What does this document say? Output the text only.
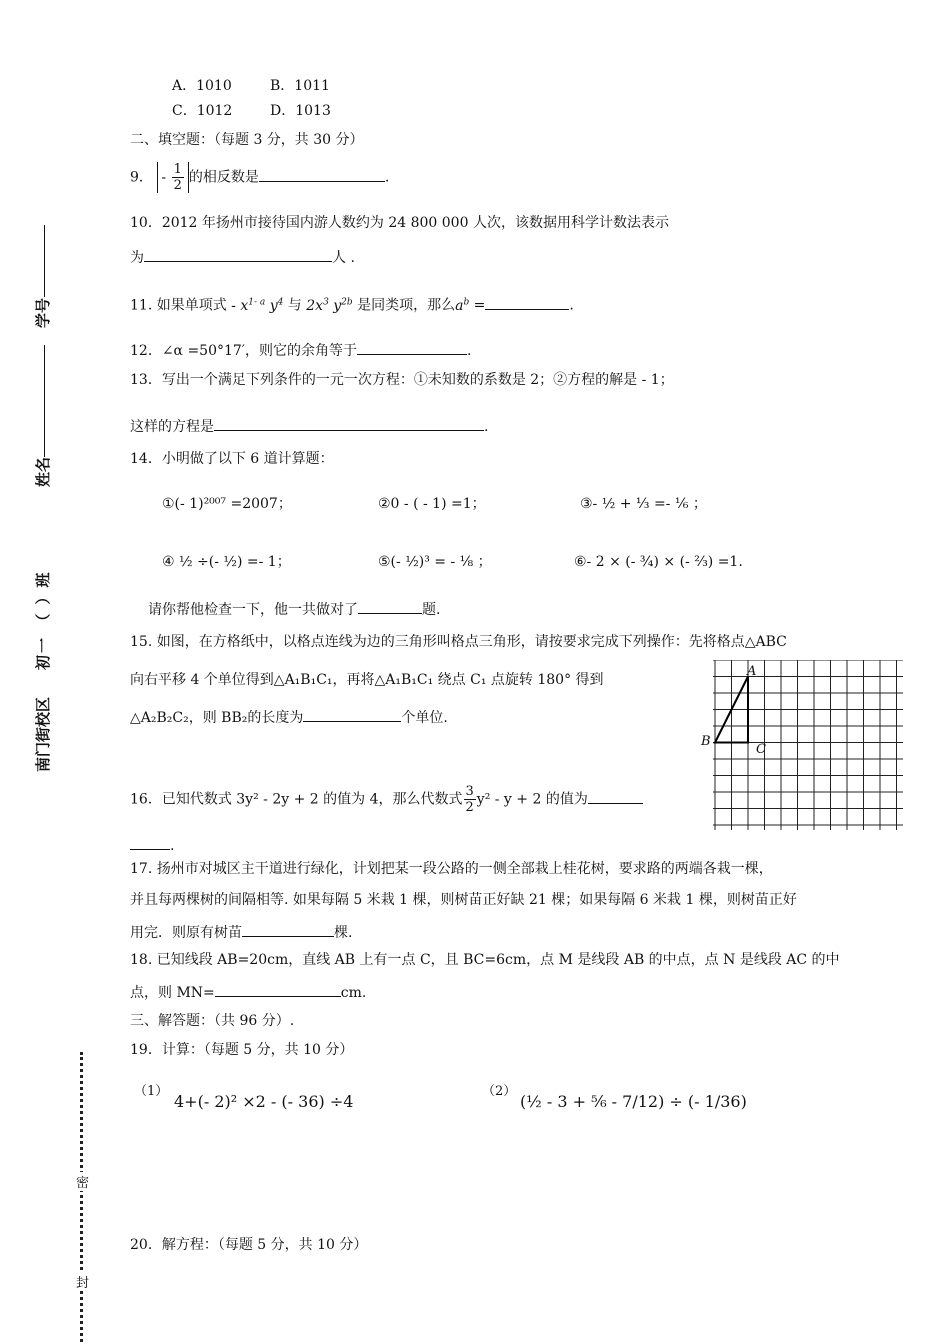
南门街校区
初一 （ ）班
姓名
学号
密
封
A．1010	B．1011
C．1012	D．1013
二、填空题：（每题 3 分，共 30 分）
9． - $\frac{1}{2}$ 的相反数是	.
10．2012 年扬州市接待国内游人数约为 24 800 000 人次，该数据用科学计数法表示
为	人 .
11. 如果单项式 - $x^{1- a}$ $y^4$ 与 $2x^3$ $y^{2b}$ 是同类项，那么$a^b$ =	.
12．∠α =50°17′，则它的余角等于	.
13．写出一个满足下列条件的一元一次方程：①未知数的系数是 2；②方程的解是 - 1；
这样的方程是	.
14．小明做了以下 6 道计算题：
①(- 1)²⁰⁰⁷ =2007；	②0 - ( - 1) =1；	③- ½ + ⅓ =- ⅙ ；
④ ½ ÷(- ½) =- 1；	⑤(- ½)³ = - ⅛ ；	⑥- 2 × (- ¾) × (- ⅔) =1.
请你帮他检查一下，他一共做对了	题.
15. 如图，在方格纸中，以格点连线为边的三角形叫格点三角形，请按要求完成下列操作：先将格点△ABC
向右平移 4 个单位得到△A₁B₁C₁，再将△A₁B₁C₁ 绕点 C₁ 点旋转 180° 得到
△A₂B₂C₂，则 BB₂的长度为	个单位.
A
B
C
16．已知代数式 3y² - 2y + 2 的值为 4，那么代数式 $\frac{3}{2} y^2 - y + 2$ 的值为
.
17. 扬州市对城区主干道进行绿化，计划把某一段公路的一侧全部栽上桂花树，要求路的两端各栽一棵，
并且每两棵树的间隔相等. 如果每隔 5 米栽 1 棵，则树苗正好缺 21 棵；如果每隔 6 米栽 1 棵，则树苗正好
用完．则原有树苗	棵.
18. 已知线段 AB=20cm，直线 AB 上有一点 C，且 BC=6cm，点 M 是线段 AB 的中点，点 N 是线段 AC 的中
点，则 MN=	cm.
三、解答题：（共 96 分）.
19．计算：（每题 5 分，共 10 分）
（1）
4+(- 2)² ×2 - (- 36) ÷4
（2）
(½ - 3 + ⅚ - 7/12) ÷ (- 1/36)
20．解方程：（每题 5 分，共 10 分）
